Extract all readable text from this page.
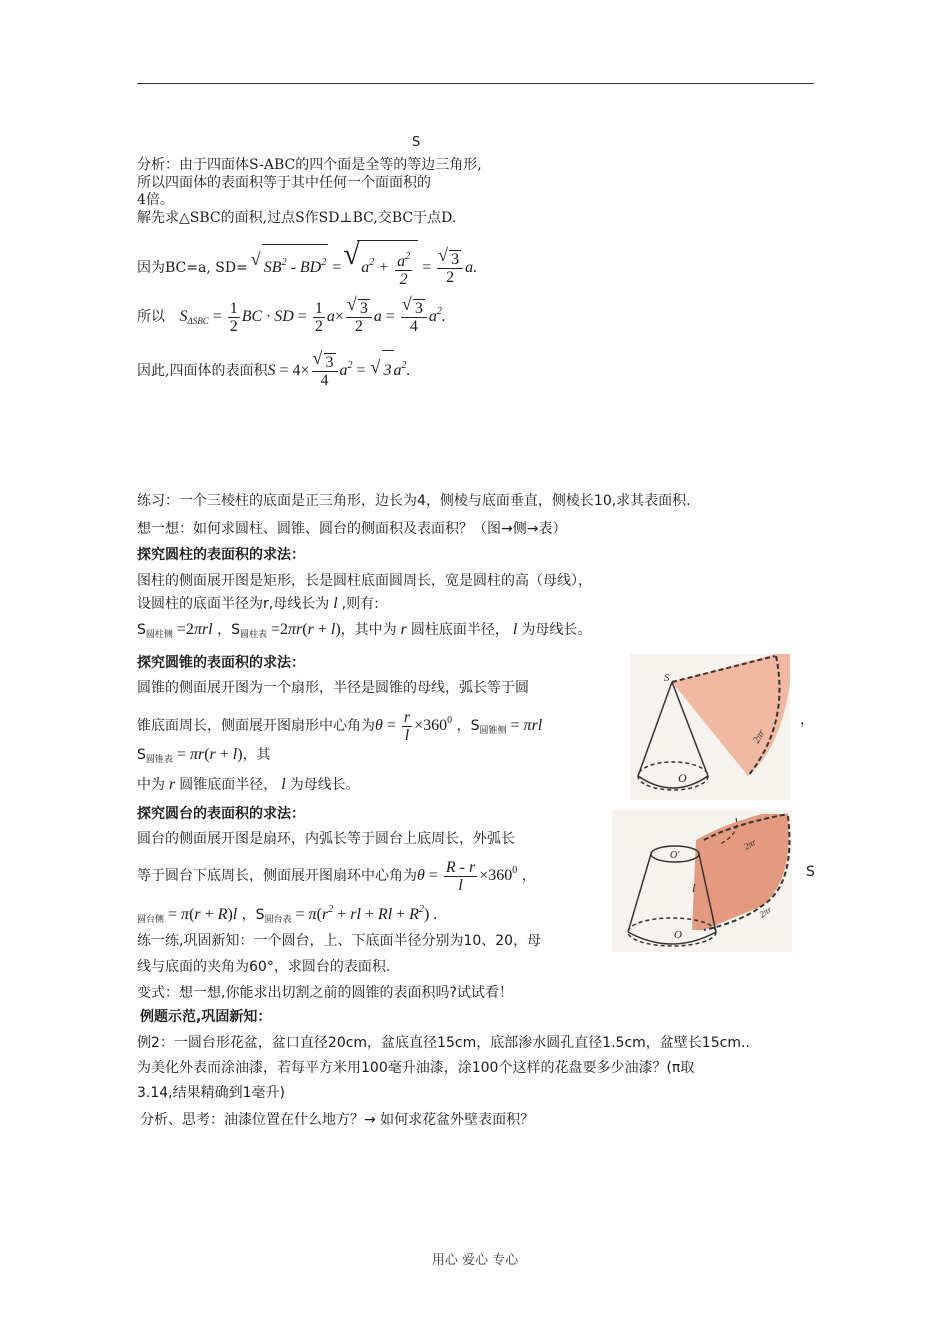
S
分析：由于四面体S-ABC的四个面是全等的等边三角形,
所以四面体的表面积等于其中任何一个面面积的
4倍。
解先求△SBC的面积,过点S作SD⊥BC,交BC于点D.
因为BC=a, SD= √ $SB^2 - BD^2$ = √ $a^2 + \frac{a^2}{2}$ = √ $\frac{3}{2} a$.
所以 $S_{\Delta SBC} = \frac{1}{2}$ BC · SD = $\frac{1}{2} a\times$ √ $\frac{3}{2}$ a = √ $\frac{3}{4} a^2$.
因此,四面体的表面积S = 4× √ $\frac{3}{4} a^2$ = √ 3 $a^2$.
练习：一个三棱柱的底面是正三角形，边长为4，侧棱与底面垂直，侧棱长10,求其表面积.
想一想：如何求圆柱、圆锥、圆台的侧面积及表面积？（图→侧→表）
探究圆柱的表面积的求法：
图柱的侧面展开图是矩形，长是圆柱底面圆周长，宽是圆柱的高（母线），
设圆柱的底面半径为r,母线长为 l ,则有:
$S_{圆柱侧} =2\pi rl$ ，$S_{圆柱表} =2\pi r(r + l)$，其中为 r 圆柱底面半径， l 为母线长。
探究圆锥的表面积的求法：
圆锥的侧面展开图为一个扇形，半径是圆锥的母线，弧长等于圆
锥底面周长，侧面展开图扇形中心角为$\theta = \frac{r}{l} \times 360^0$ ，$S_{圆锥侧} = \pi rl$	，
$S_{圆锥表} = \pi r(r + l)$，其
中为 r 圆锥底面半径， l 为母线长。
探究圆台的表面积的求法：
圆台的侧面展开图是扇环，内弧长等于圆台上底周长，外弧长
等于圆台下底周长，侧面展开图扇环中心角为$\theta = \frac{R - r}{l} \times 360^0$ ，	S
$_{圆台侧}$ = π(r + R)l ，$S_{圆台表} = \pi(r^2$ + rl + $Rl + R^2$) .
练一练,巩固新知：一个圆台，上、下底面半径分别为10、20，母
线与底面的夹角为60°，求圆台的表面积.
变式：想一想,你能求出切割之前的圆锥的表面积吗?试试看！
例题示范,巩固新知：
例2：一圆台形花盆，盆口直径20cm，盆底直径15cm，底部渗水圆孔直径1.5cm，盆壁长15cm..
为美化外表而涂油漆，若每平方米用100毫升油漆，涂100个这样的花盘要多少油漆？(π取
3.14,结果精确到1毫升)
分析、思考：油漆位置在什么地方？→ 如何求花盆外壁表面积？
S
O
2πr
O'
O
l
2πr
2πr
用心 爱心 专心
